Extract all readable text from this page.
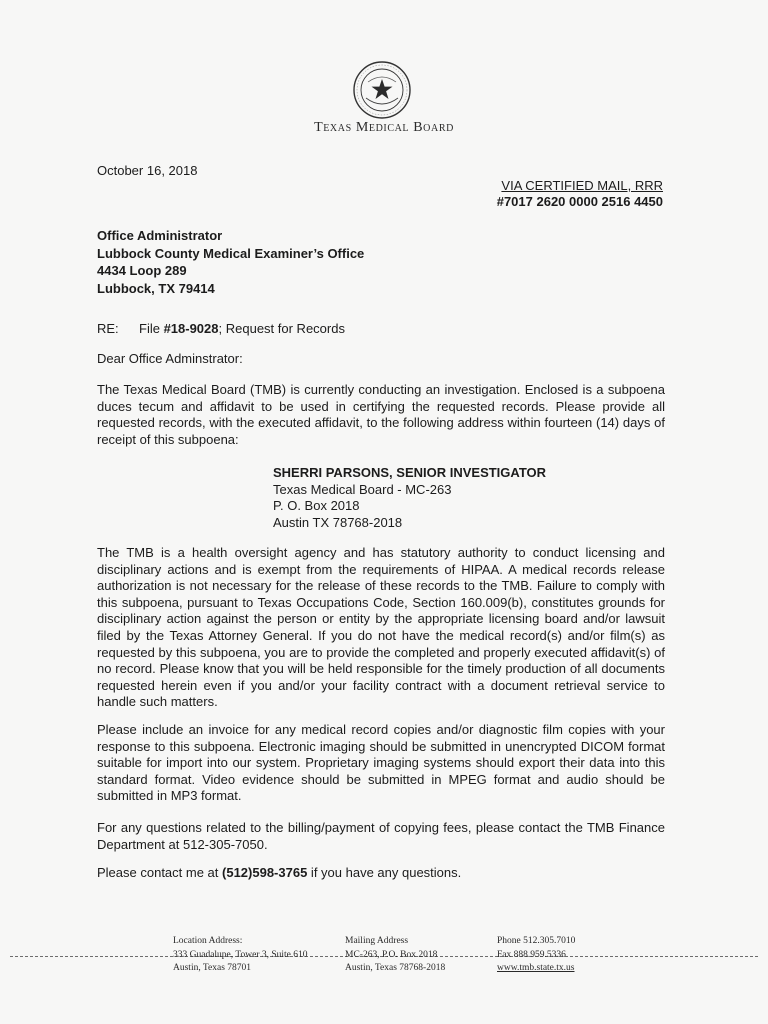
Texas Medical Board
October 16, 2018
VIA CERTIFIED MAIL, RRR
#7017 2620 0000 2516 4450
Office Administrator
Lubbock County Medical Examiner’s Office
4434 Loop 289
Lubbock, TX 79414
RE: File #18-9028; Request for Records
Dear Office Adminstrator:
The Texas Medical Board (TMB) is currently conducting an investigation. Enclosed is a subpoena duces tecum and affidavit to be used in certifying the requested records. Please provide all requested records, with the executed affidavit, to the following address within fourteen (14) days of receipt of this subpoena:
SHERRI PARSONS, SENIOR INVESTIGATOR
Texas Medical Board - MC-263
P. O. Box 2018
Austin TX 78768-2018
The TMB is a health oversight agency and has statutory authority to conduct licensing and disciplinary actions and is exempt from the requirements of HIPAA. A medical records release authorization is not necessary for the release of these records to the TMB. Failure to comply with this subpoena, pursuant to Texas Occupations Code, Section 160.009(b), constitutes grounds for disciplinary action against the person or entity by the appropriate licensing board and/or lawsuit filed by the Texas Attorney General. If you do not have the medical record(s) and/or film(s) as requested by this subpoena, you are to provide the completed and properly executed affidavit(s) of no record. Please know that you will be held responsible for the timely production of all documents requested herein even if you and/or your facility contract with a document retrieval service to handle such matters.
Please include an invoice for any medical record copies and/or diagnostic film copies with your response to this subpoena. Electronic imaging should be submitted in unencrypted DICOM format suitable for import into our system. Proprietary imaging systems should export their data into this standard format. Video evidence should be submitted in MPEG format and audio should be submitted in MP3 format.
For any questions related to the billing/payment of copying fees, please contact the TMB Finance Department at 512-305-7050.
Please contact me at (512)598-3765 if you have any questions.
Location Address:
333 Guadalupe, Tower 3, Suite 610
Austin, Texas 78701
Mailing Address
MC-263, P.O. Box 2018
Austin, Texas 78768-2018
Phone 512.305.7010
Fax 888.959.5336
www.tmb.state.tx.us
